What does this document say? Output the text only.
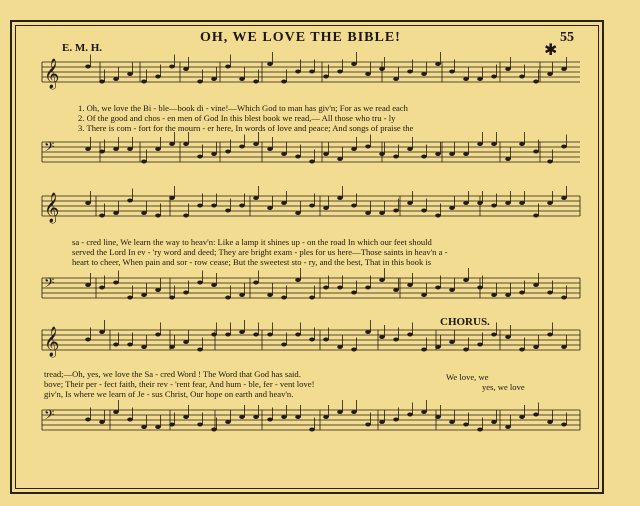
𝄞
𝄢
𝄞
𝄢
𝄞
𝄢
OH, WE LOVE THE BIBLE!	55
E. M. H.	✱
1. Oh, we love the Bi - ble—book di - vine!—Which God to man has giv'n; For as we read each
2. Of the good and chos - en men of God In this blest book we read,— All those who tru - ly
3. There is com - fort for the mourn - er here, In words of love and peace; And songs of praise the
sa - cred line, We learn the way to heav'n: Like a lamp it shines up - on the road In which our feet should
served the Lord In ev - 'ry word and deed; They are bright exam - ples for us here—Those saints in heav'n a -
heart to cheer, When pain and sor - row cease; But the sweetest sto - ry, and the best, That in this book is
CHORUS.
tread;—Oh, yes, we love the Sa - cred Word ! The Word that God has said.
bove; Their per - fect faith, their rev - 'rent fear, And hum - ble, fer - vent love!
giv'n, Is where we learn of Je - sus Christ, Our hope on earth and heav'n.
We love, we
yes, we love
